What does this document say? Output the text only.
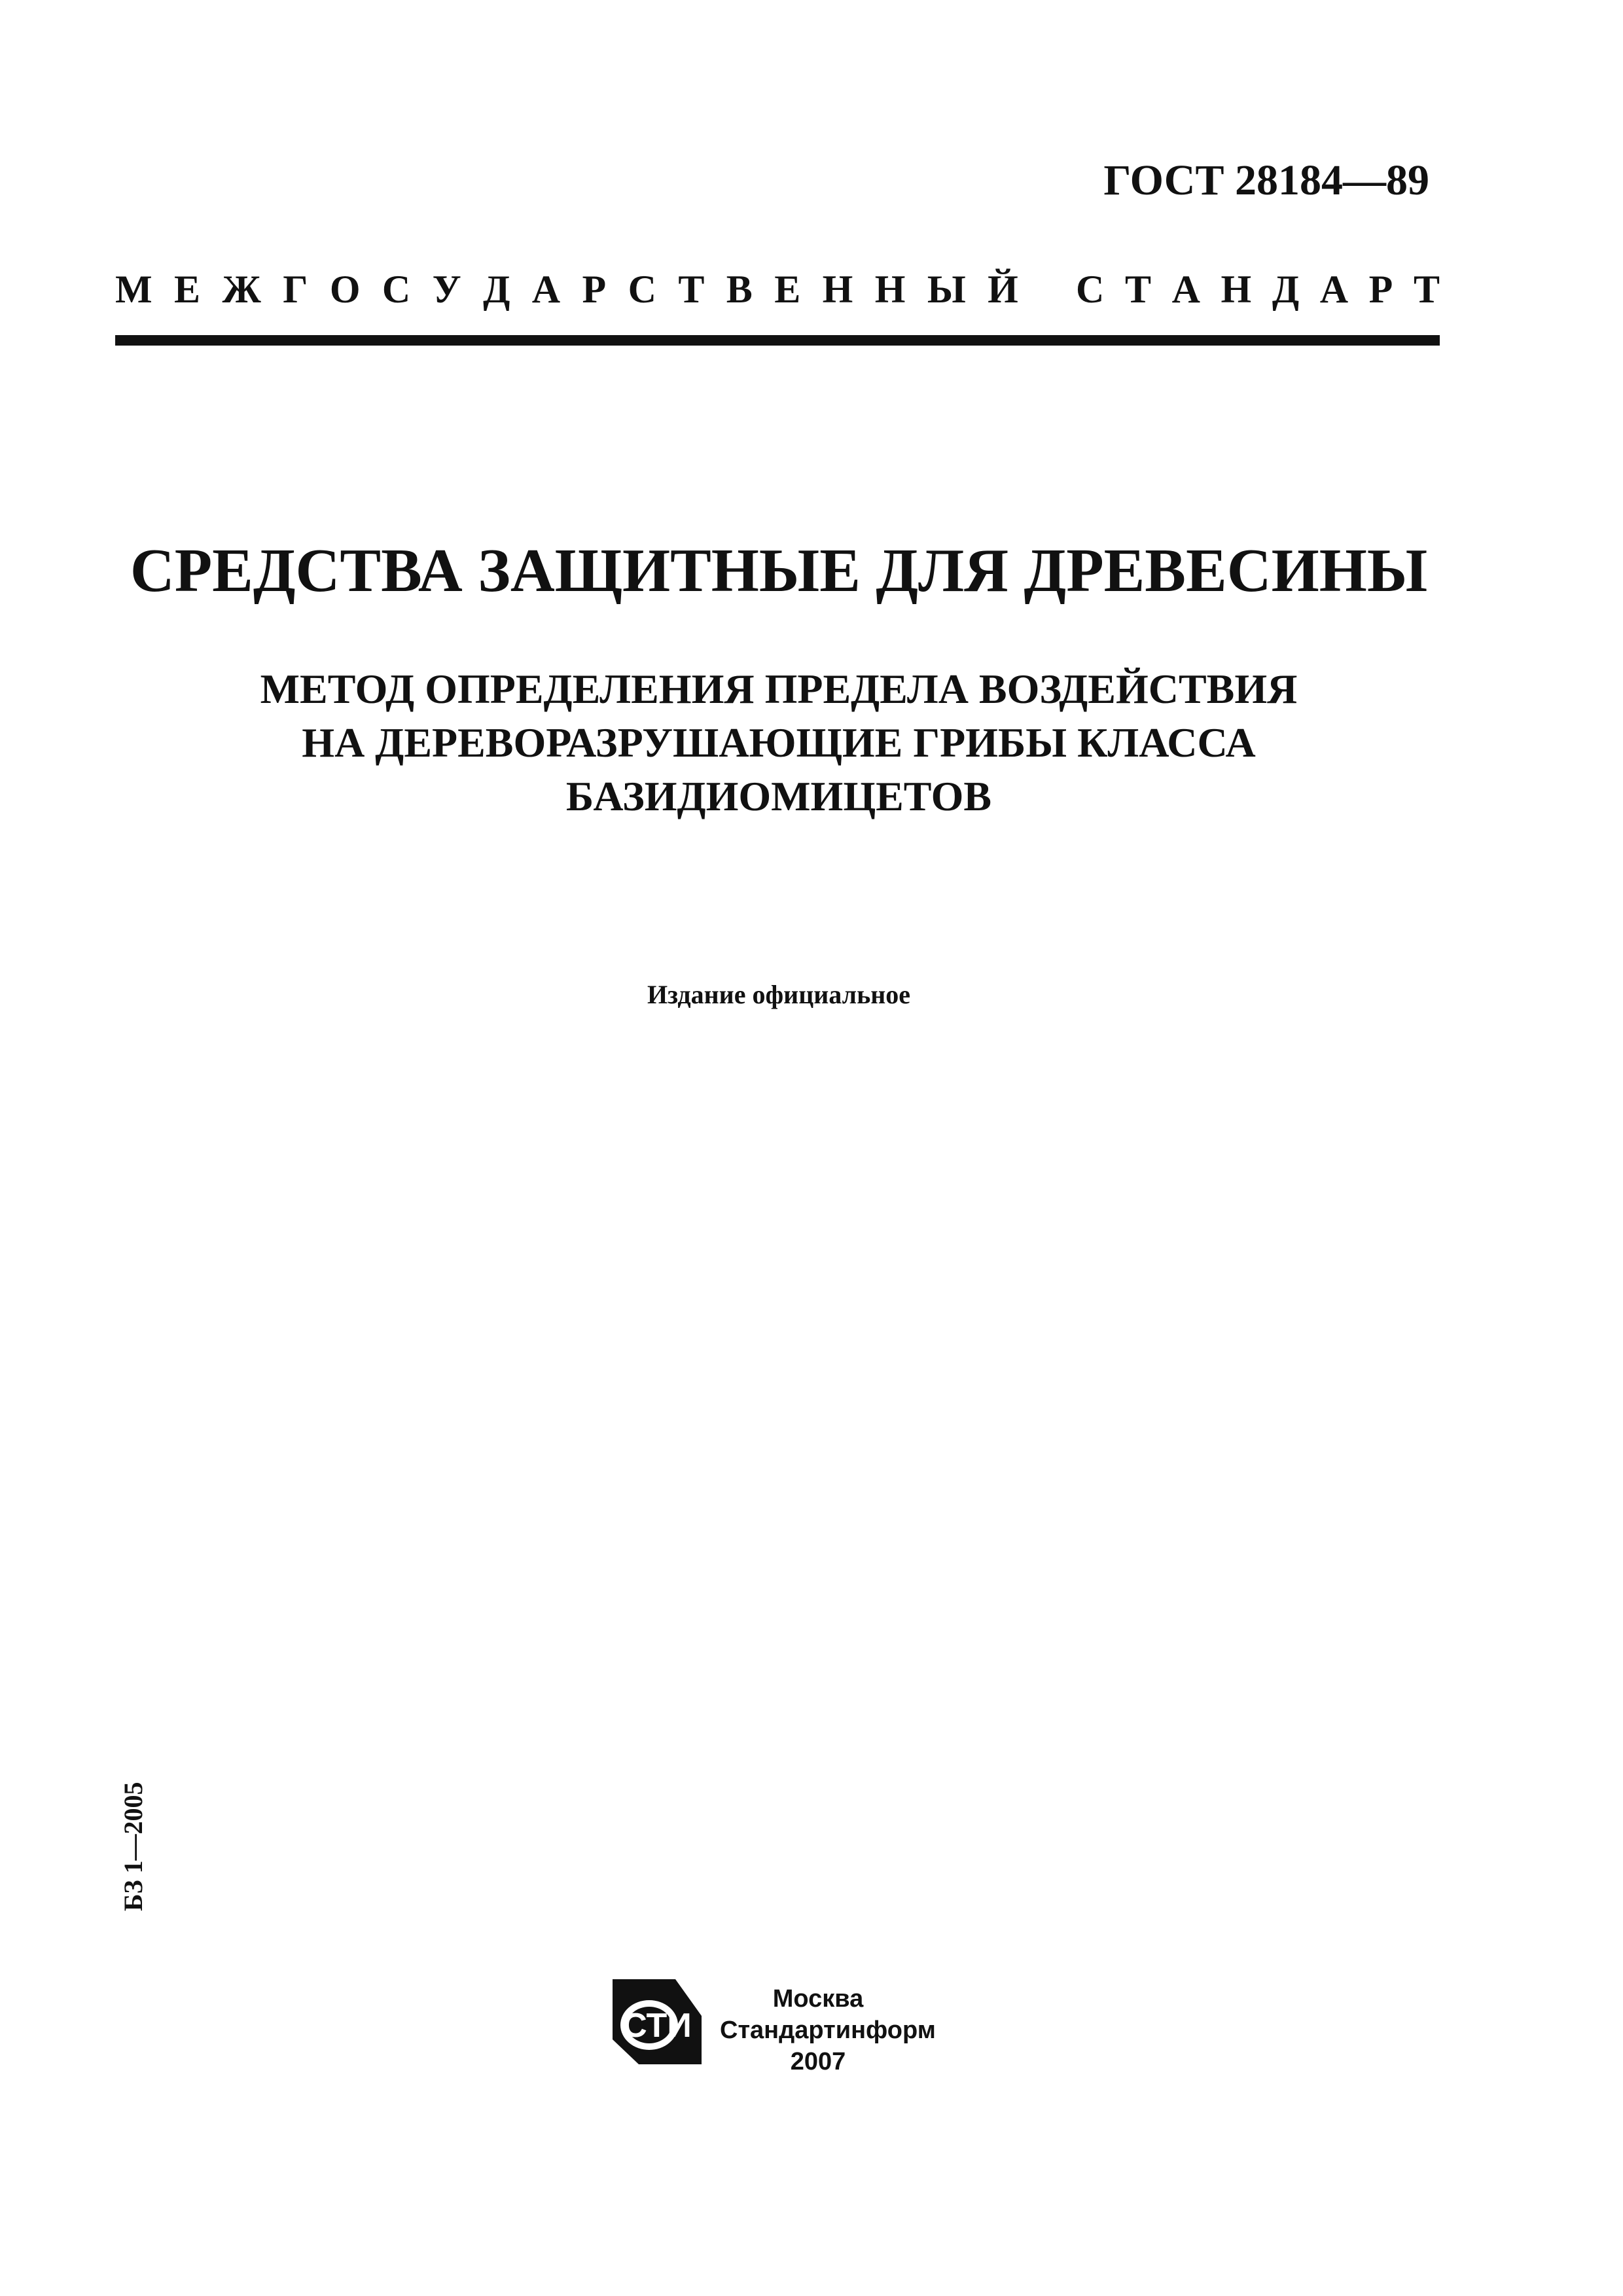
ГОСТ 28184—89
М Е Ж Г О С У Д А Р С Т В Е Н Н Ы Й С Т А Н Д А Р Т
СРЕДСТВА ЗАЩИТНЫЕ ДЛЯ ДРЕВЕСИНЫ
МЕТОД ОПРЕДЕЛЕНИЯ ПРЕДЕЛА ВОЗДЕЙСТВИЯ
НА ДЕРЕВОРАЗРУШАЮЩИЕ ГРИБЫ КЛАССА
БАЗИДИОМИЦЕТОВ
Издание официальное
БЗ 1—2005
СТИ
Москва
Стандартинформ
2007
